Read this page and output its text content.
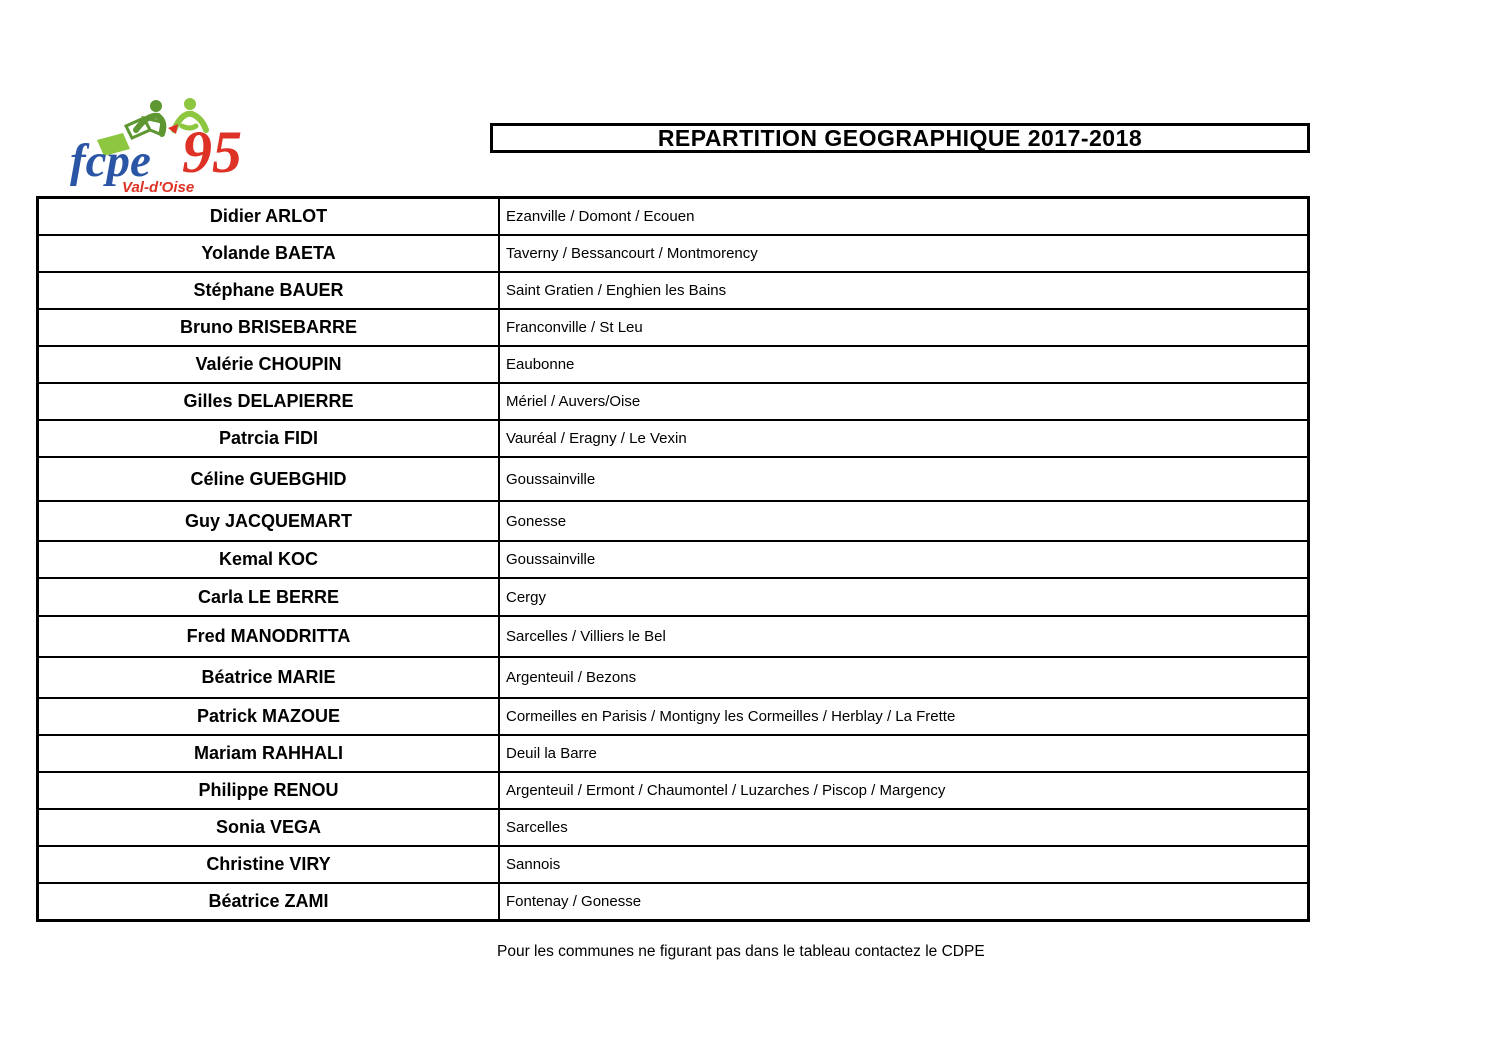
fcpe 95
Val-d'Oise
REPARTITION GEOGRAPHIQUE 2017-2018
Didier ARLOT	Ezanville / Domont / Ecouen
Yolande BAETA	Taverny / Bessancourt / Montmorency
Stéphane BAUER	Saint Gratien / Enghien les Bains
Bruno BRISEBARRE	Franconville / St Leu
Valérie CHOUPIN	Eaubonne
Gilles DELAPIERRE	Mériel / Auvers/Oise
Patrcia FIDI	Vauréal / Eragny / Le Vexin
Céline GUEBGHID	Goussainville
Guy JACQUEMART	Gonesse
Kemal KOC	Goussainville
Carla LE BERRE	Cergy
Fred MANODRITTA	Sarcelles / Villiers le Bel
Béatrice MARIE	Argenteuil / Bezons
Patrick MAZOUE	Cormeilles en Parisis / Montigny les Cormeilles / Herblay / La Frette
Mariam RAHHALI	Deuil la Barre
Philippe RENOU	Argenteuil / Ermont / Chaumontel / Luzarches / Piscop / Margency
Sonia VEGA	Sarcelles
Christine VIRY	Sannois
Béatrice ZAMI	Fontenay / Gonesse
Pour les communes ne figurant pas dans le tableau contactez le CDPE
